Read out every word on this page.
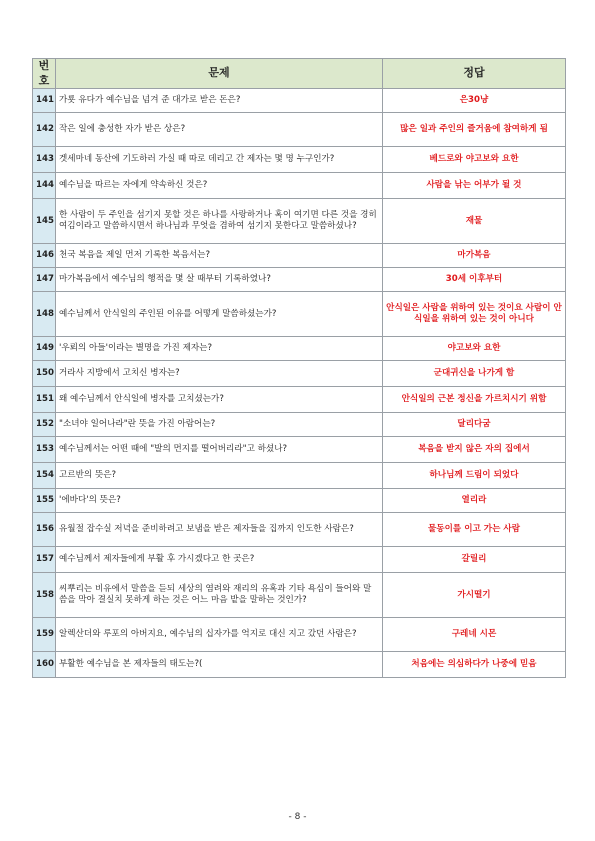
번호	문제	정답
141	가룟 유다가 예수님을 넘겨 준 대가로 받은 돈은?	은30냥
142	작은 일에 충성한 자가 받은 상은?	많은 일과 주인의 즐거움에 참여하게 됨
143	겟세마네 동산에 기도하러 가실 때 따로 데리고 간 제자는 몇 명 누구인가?	베드로와 야고보와 요한
144	예수님을 따르는 자에게 약속하신 것은?	사람을 낚는 어부가 될 것
145	한 사람이 두 주인을 섬기지 못할 것은 하나를 사랑하거나 혹이 여기면 다른 것을 경히 여김이라고 말씀하시면서 하나님과 무엇을 겸하여 섬기지 못한다고 말씀하셨나?	재물
146	천국 복음을 제일 먼저 기록한 복음서는?	마가복음
147	마가복음에서 예수님의 행적을 몇 살 때부터 기록하였나?	30세 이후부터
148	예수님께서 안식일의 주인된 이유를 어떻게 말씀하셨는가?	안식일은 사람을 위하여 있는 것이요 사람이 안식일을 위하여 있는 것이 아니다
149	'우뢰의 아들'이라는 별명을 가진 제자는?	야고보와 요한
150	거라사 지방에서 고치신 병자는?	군대귀신을 나가게 함
151	왜 예수님께서 안식일에 병자를 고치셨는가?	안식일의 근본 정신을 가르치시기 위함
152	"소녀야 일어나라"란 뜻을 가진 아람어는?	달리다굼
153	예수님께서는 어떤 때에 "발의 먼지를 떨어버리라"고 하셨나?	복음을 받지 않은 자의 집에서
154	고르반의 뜻은?	하나님께 드림이 되었다
155	'에바다'의 뜻은?	열리라
156	유월절 잡수실 저녁을 준비하려고 보냄을 받은 제자들을 집까지 인도한 사람은?	물동이를 이고 가는 사람
157	예수님께서 제자들에게 부활 후 가시겠다고 한 곳은?	갈릴리
158	씨뿌리는 비유에서 말씀을 듣되 세상의 염려와 재리의 유혹과 기타 욕심이 들어와 말씀을 막아 결실치 못하게 하는 것은 어느 마음 밭을 말하는 것인가?	가시떨기
159	알렉산더와 루포의 아버지요, 예수님의 십자가를 억지로 대신 지고 갔던 사람은?	구레네 시몬
160	부활한 예수님을 본 제자들의 태도는?(	처음에는 의심하다가 나중에 믿음
- 8 -
